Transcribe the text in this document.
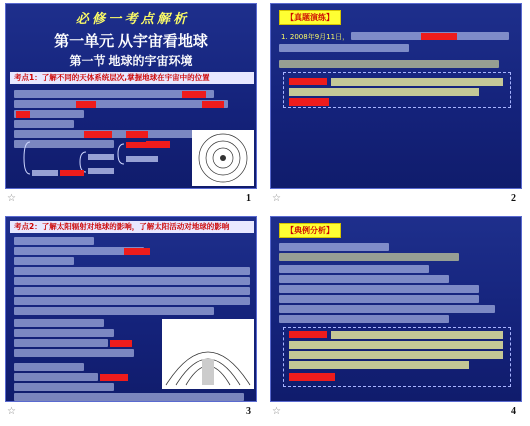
必 修 一 考 点 解 析
第一单元 从宇宙看地球
第一节 地球的宇宙环境
考点1：了解不同的天体系统层次,掌握地球在宇宙中的位置
☆	1
【真题演练】
1. 2008年9月11日，
☆	2
考点2：了解太阳辐射对地球的影响，了解太阳活动对地球的影响
☆	3
【典例分析】
☆	4
